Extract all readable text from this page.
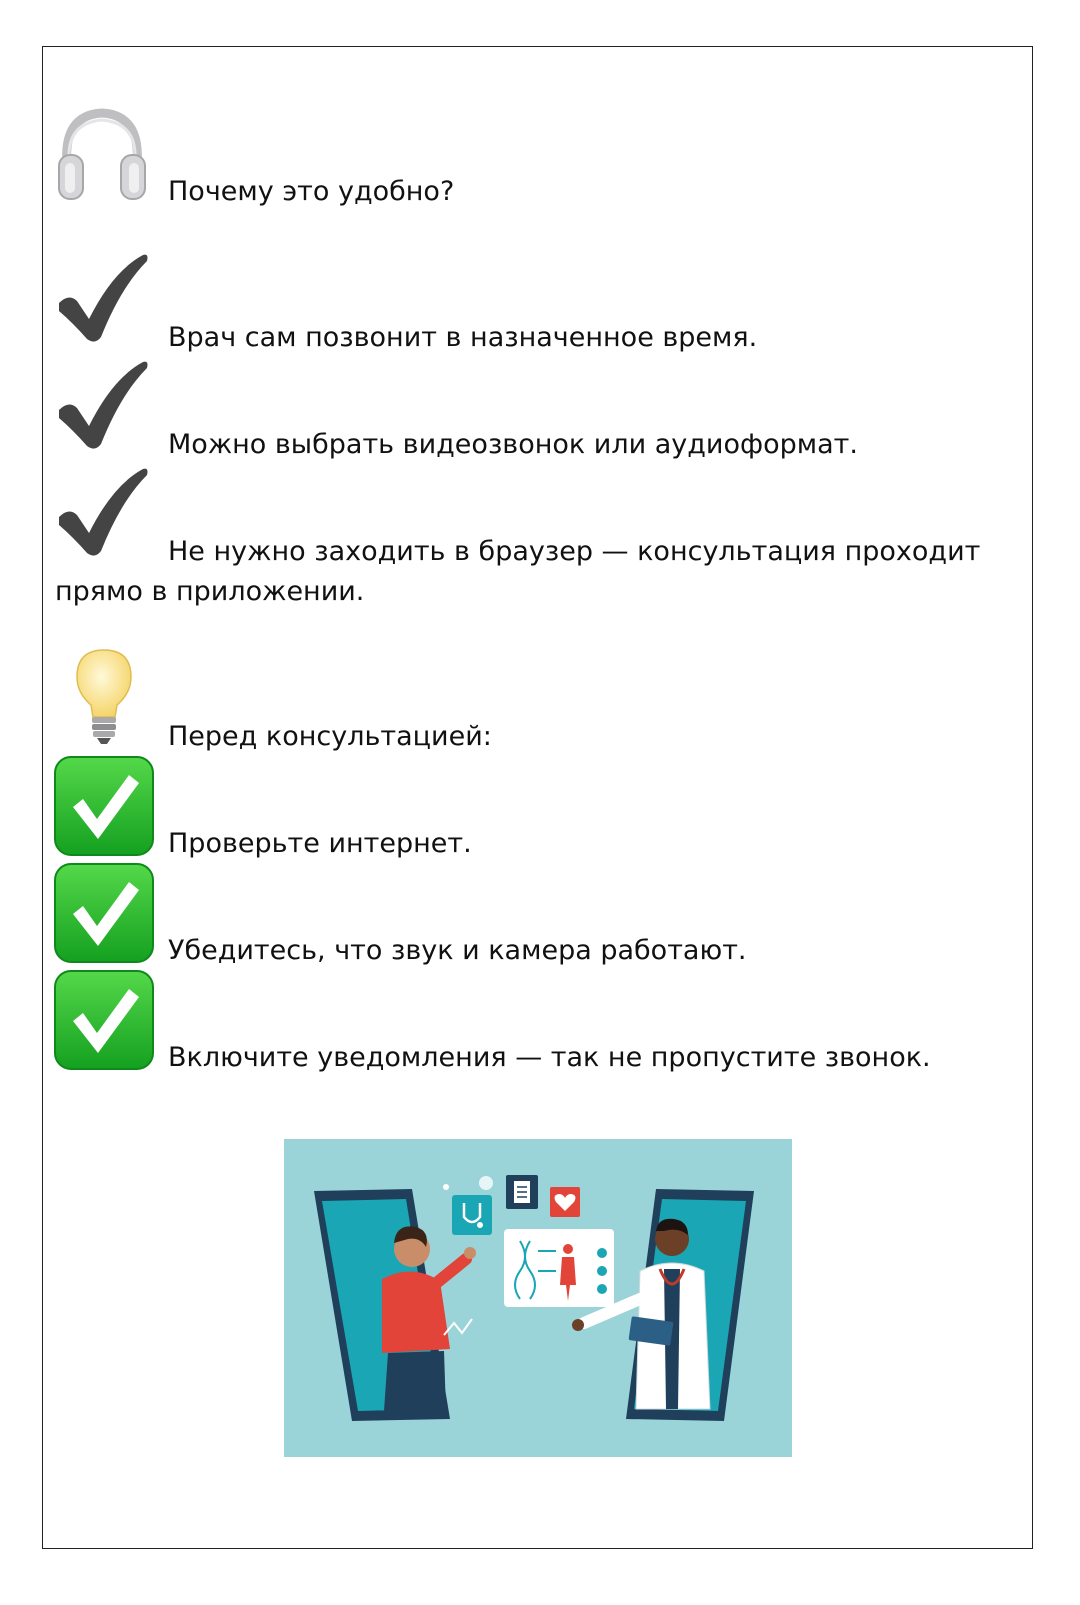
Почему это удобно?
Врач сам позвонит в назначенное время.
Можно выбрать видеозвонок или аудиоформат.
Не нужно заходить в браузер — консультация проходит
прямо в приложении.
Перед консультацией:
Проверьте интернет.
Убедитесь, что звук и камера работают.
Включите уведомления — так не пропустите звонок.
